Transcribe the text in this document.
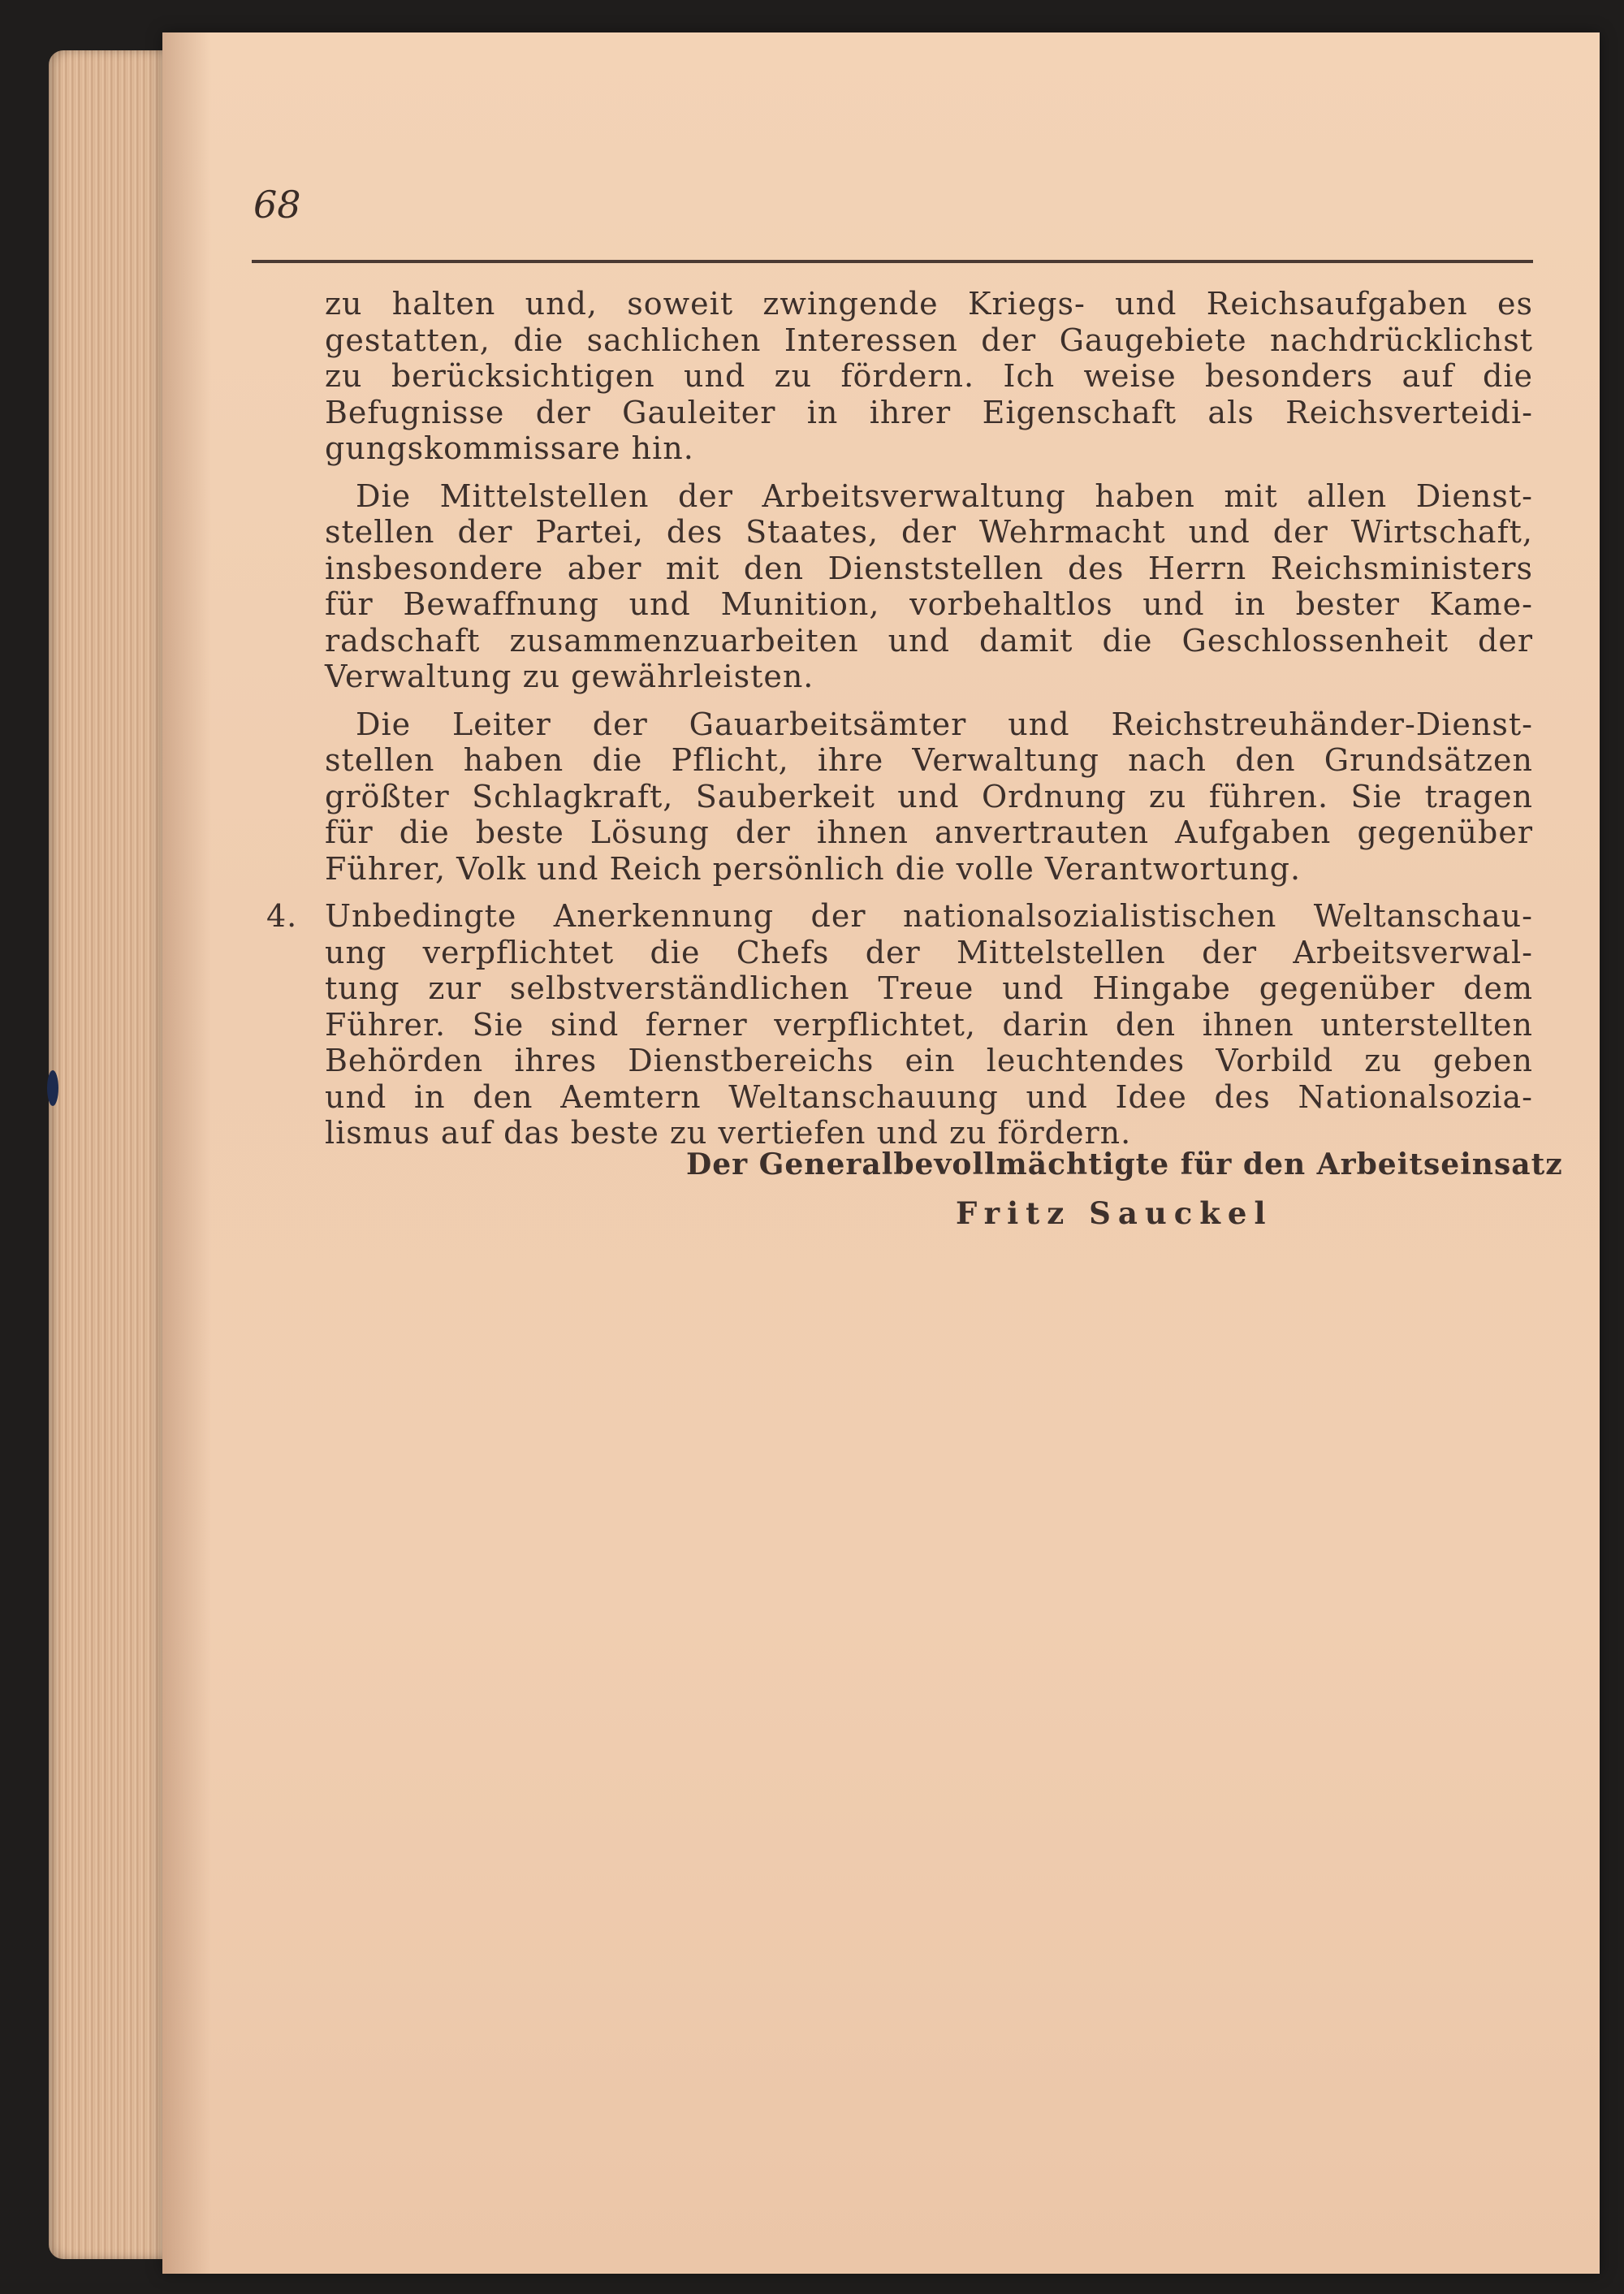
68
zu halten und, soweit zwingende Kriegs- und Reichsaufgaben es
gestatten, die sachlichen Interessen der Gaugebiete nachdrücklichst
zu berücksichtigen und zu fördern. Ich weise besonders auf die
Befugnisse der Gauleiter in ihrer Eigenschaft als Reichsverteidi-
gungskommissare hin.
Die Mittelstellen der Arbeitsverwaltung haben mit allen Dienst-
stellen der Partei, des Staates, der Wehrmacht und der Wirtschaft,
insbesondere aber mit den Dienststellen des Herrn Reichsministers
für Bewaffnung und Munition, vorbehaltlos und in bester Kame-
radschaft zusammenzuarbeiten und damit die Geschlossenheit der
Verwaltung zu gewährleisten.
Die Leiter der Gauarbeitsämter und Reichstreuhänder-Dienst-
stellen haben die Pflicht, ihre Verwaltung nach den Grundsätzen
größter Schlagkraft, Sauberkeit und Ordnung zu führen. Sie tragen
für die beste Lösung der ihnen anvertrauten Aufgaben gegenüber
Führer, Volk und Reich persönlich die volle Verantwortung.
4. Unbedingte Anerkennung der nationalsozialistischen Weltanschau-
ung verpflichtet die Chefs der Mittelstellen der Arbeitsverwal-
tung zur selbstverständlichen Treue und Hingabe gegenüber dem
Führer. Sie sind ferner verpflichtet, darin den ihnen unterstellten
Behörden ihres Dienstbereichs ein leuchtendes Vorbild zu geben
und in den Aemtern Weltanschauung und Idee des Nationalsozia-
lismus auf das beste zu vertiefen und zu fördern.
Der Generalbevollmächtigte für den Arbeitseinsatz
Fritz Sauckel
